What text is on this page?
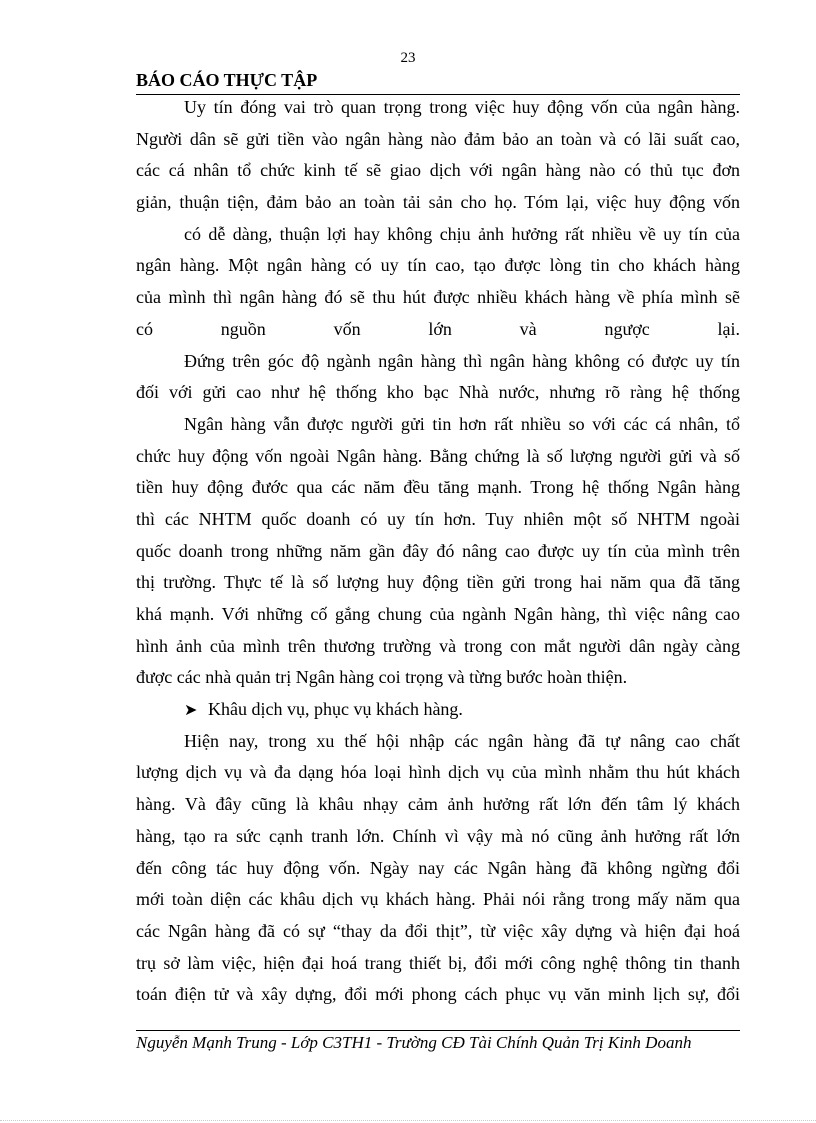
23
BÁO CÁO THỰC TẬP
Uy tín đóng vai trò quan trọng trong việc huy động vốn của ngân hàng.
Người dân sẽ gửi tiền vào ngân hàng nào đảm bảo an toàn và có lãi suất cao,
các cá nhân tổ chức kinh tế sẽ giao dịch với ngân hàng nào có thủ tục đơn
giản, thuận tiện, đảm bảo an toàn tải sản cho họ. Tóm lại, việc huy động vốn
có dễ dàng, thuận lợi hay không chịu ảnh hưởng rất nhiều về uy tín của
ngân hàng. Một ngân hàng có uy tín cao, tạo được lòng tin cho khách hàng
của mình thì ngân hàng đó sẽ thu hút được nhiều khách hàng về phía mình sẽ
có nguồn vốn lớn và ngược lại.
Đứng trên góc độ ngành ngân hàng thì ngân hàng không có được uy tín
đối với gửi cao như hệ thống kho bạc Nhà nước, nhưng rõ ràng hệ thống
Ngân hàng vẫn được người gửi tin hơn rất nhiều so với các cá nhân, tổ
chức huy động vốn ngoài Ngân hàng. Bằng chứng là số lượng người gửi và số
tiền huy động đước qua các năm đều tăng mạnh. Trong hệ thống Ngân hàng
thì các NHTM quốc doanh có uy tín hơn. Tuy nhiên một số NHTM ngoài
quốc doanh trong những năm gần đây đó nâng cao được uy tín của mình trên
thị trường. Thực tế là số lượng huy động tiền gửi trong hai năm qua đã tăng
khá mạnh. Với những cố gắng chung của ngành Ngân hàng, thì việc nâng cao
hình ảnh của mình trên thương trường và trong con mắt người dân ngày càng
được các nhà quản trị Ngân hàng coi trọng và từng bước hoàn thiện.
➤ Khâu dịch vụ, phục vụ khách hàng.
Hiện nay, trong xu thế hội nhập các ngân hàng đã tự nâng cao chất
lượng dịch vụ và đa dạng hóa loại hình dịch vụ của mình nhằm thu hút khách
hàng. Và đây cũng là khâu nhạy cảm ảnh hưởng rất lớn đến tâm lý khách
hàng, tạo ra sức cạnh tranh lớn. Chính vì vậy mà nó cũng ảnh hưởng rất lớn
đến công tác huy động vốn. Ngày nay các Ngân hàng đã không ngừng đổi
mới toàn diện các khâu dịch vụ khách hàng. Phải nói rằng trong mấy năm qua
các Ngân hàng đã có sự “thay da đổi thịt”, từ việc xây dựng và hiện đại hoá
trụ sở làm việc, hiện đại hoá trang thiết bị, đổi mới công nghệ thông tin thanh
toán điện tử và xây dựng, đổi mới phong cách phục vụ văn minh lịch sự, đổi
Nguyễn Mạnh Trung - Lớp C3TH1 - Trường CĐ Tài Chính Quản Trị Kinh Doanh
